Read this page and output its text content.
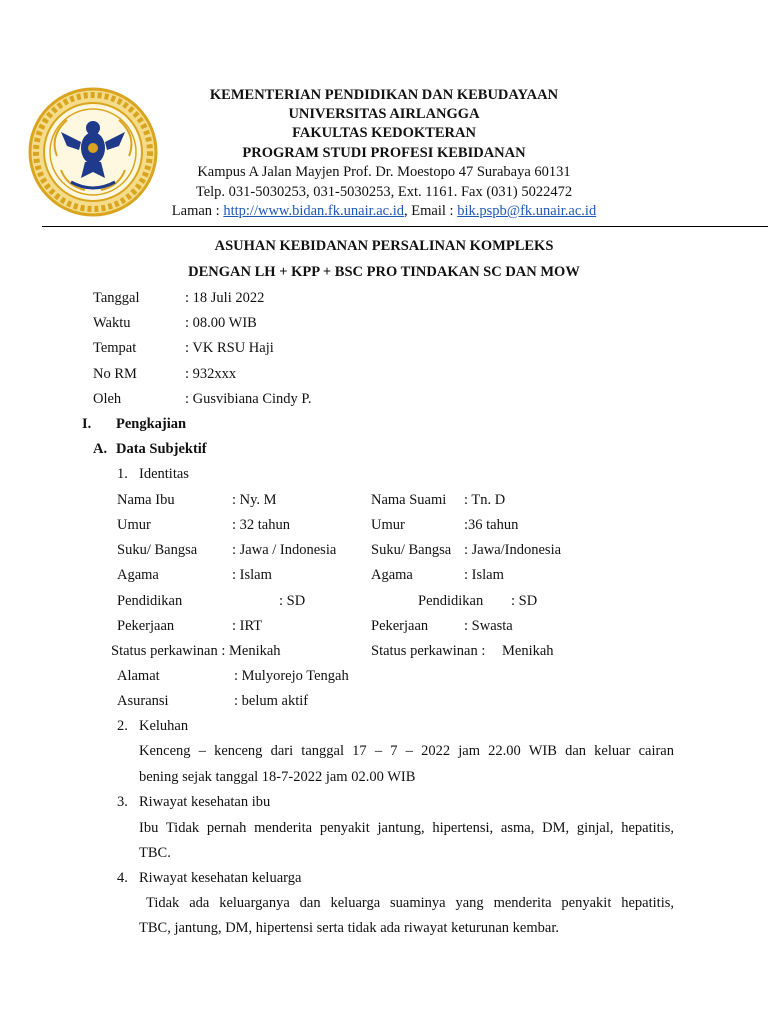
KEMENTERIAN PENDIDIKAN DAN KEBUDAYAAN
UNIVERSITAS AIRLANGGA
FAKULTAS KEDOKTERAN
PROGRAM STUDI PROFESI KEBIDANAN
Kampus A Jalan Mayjen Prof. Dr. Moestopo 47 Surabaya 60131
Telp. 031-5030253, 031-5030253, Ext. 1161. Fax (031) 5022472
Laman : http://www.bidan.fk.unair.ac.id, Email : bik.pspb@fk.unair.ac.id
ASUHAN KEBIDANAN PERSALINAN KOMPLEKS
DENGAN LH + KPP + BSC PRO TINDAKAN SC DAN MOW
Tanggal	: 18 Juli 2022
Waktu	: 08.00 WIB
Tempat	: VK RSU Haji
No RM	: 932xxx
Oleh	: Gusvibiana Cindy P.
I. Pengkajian
A. Data Subjektif
1. Identitas
Nama Ibu	: Ny. M	Nama Suami : Tn. D
Umur	: 32 tahun	Umur	:36 tahun
Suku/ Bangsa : Jawa / Indonesia Suku/ Bangsa : Jawa/Indonesia
Agama	: Islam	Agama	: Islam
Pendidikan	: SD	Pendidikan : SD
Pekerjaan	: IRT	Pekerjaan : Swasta
Status perkawinan : Menikah	Status perkawinan : Menikah
Alamat	: Mulyorejo Tengah
Asuransi	: belum aktif
2. Keluhan
Kenceng – kenceng dari tanggal 17 – 7 – 2022 jam 22.00 WIB dan keluar cairan
bening sejak tanggal 18-7-2022 jam 02.00 WIB
3. Riwayat kesehatan ibu
Ibu Tidak pernah menderita penyakit jantung, hipertensi, asma, DM, ginjal, hepatitis,
TBC.
4. Riwayat kesehatan keluarga
Tidak ada keluarganya dan keluarga suaminya yang menderita penyakit hepatitis,
TBC, jantung, DM, hipertensi serta tidak ada riwayat keturunan kembar.
